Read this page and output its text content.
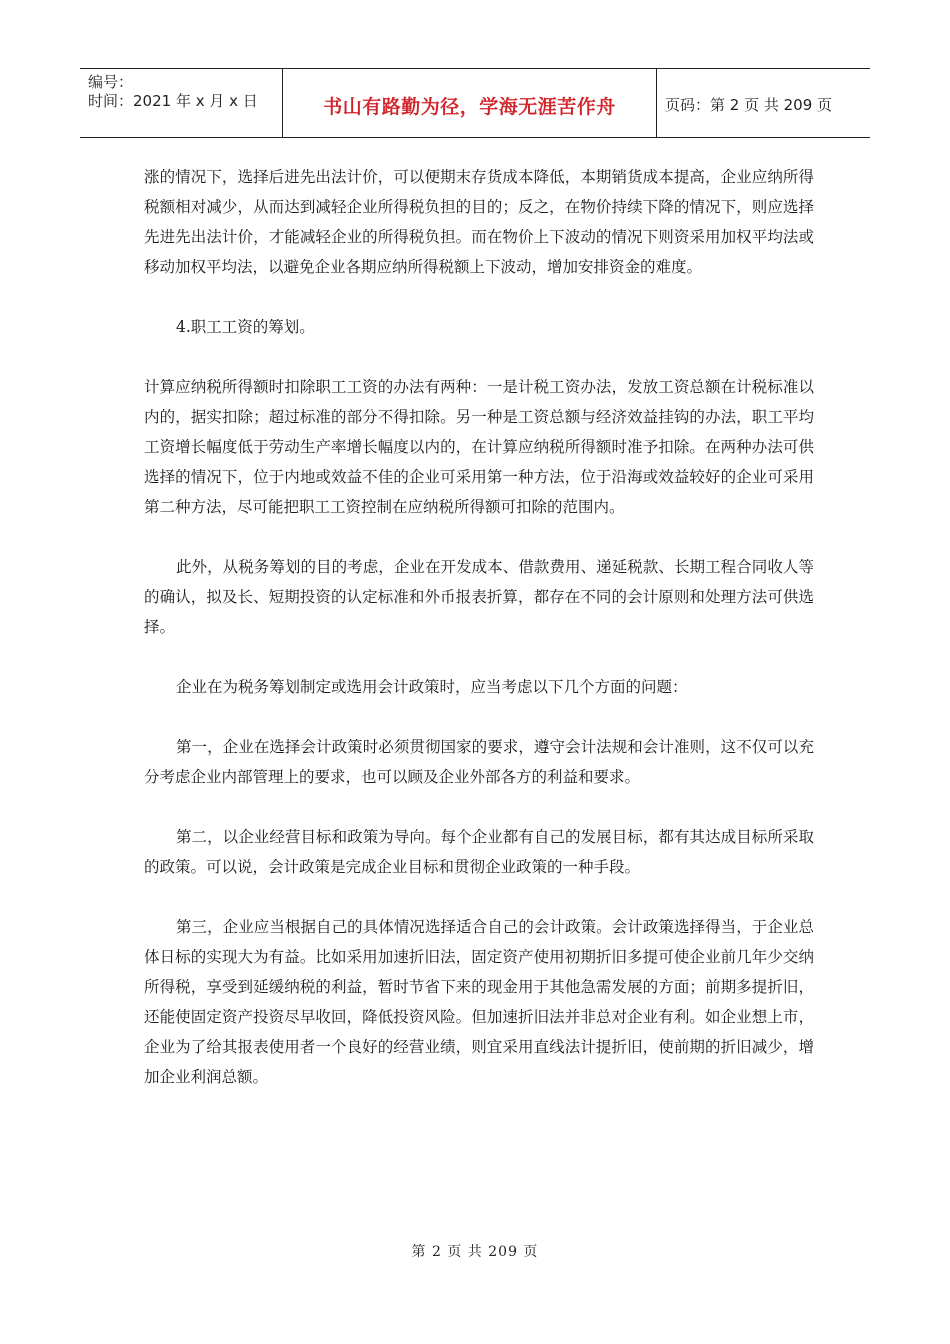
编号：
时间：2021 年 x 月 x 日	书山有路勤为径，学海无涯苦作舟	页码：第 2 页 共 209 页

涨的情况下，选择后进先出法计价，可以便期末存货成本降低，本期销货成本提高，企业应纳所得税额相对减少，从而达到减轻企业所得税负担的目的；反之，在物价持续下降的情况下，则应选择先进先出法计价，才能减轻企业的所得税负担。而在物价上下波动的情况下则资采用加权平均法或移动加权平均法，以避免企业各期应纳所得税额上下波动，增加安排资金的难度。

4.职工工资的筹划。

计算应纳税所得额时扣除职工工资的办法有两种：一是计税工资办法，发放工资总额在计税标准以内的，据实扣除；超过标准的部分不得扣除。另一种是工资总额与经济效益挂钩的办法，职工平均工资增长幅度低于劳动生产率增长幅度以内的，在计算应纳税所得额时准予扣除。在两种办法可供选择的情况下，位于内地或效益不佳的企业可采用第一种方法，位于沿海或效益较好的企业可采用第二种方法，尽可能把职工工资控制在应纳税所得额可扣除的范围内。

此外，从税务筹划的目的考虑，企业在开发成本、借款费用、递延税款、长期工程合同收人等的确认，拟及长、短期投资的认定标准和外币报表折算，都存在不同的会计原则和处理方法可供选择。

企业在为税务筹划制定或选用会计政策时，应当考虑以下几个方面的问题：

第一，企业在选择会计政策时必须贯彻国家的要求，遵守会计法规和会计准则，这不仅可以充分考虑企业内部管理上的要求，也可以顾及企业外部各方的利益和要求。

第二，以企业经营目标和政策为导向。每个企业都有自己的发展目标，都有其达成目标所采取的政策。可以说，会计政策是完成企业目标和贯彻企业政策的一种手段。

第三，企业应当根据自己的具体情况选择适合自己的会计政策。会计政策选择得当，于企业总体日标的实现大为有益。比如采用加速折旧法，固定资产使用初期折旧多提可使企业前几年少交纳所得税，享受到延缓纳税的利益，暂时节省下来的现金用于其他急需发展的方面；前期多提折旧，还能使固定资产投资尽早收回，降低投资风险。但加速折旧法并非总对企业有利。如企业想上市，企业为了给其报表使用者一个良好的经营业绩，则宜采用直线法计提折旧，使前期的折旧减少，增加企业利润总额。

第 2 页 共 209 页
